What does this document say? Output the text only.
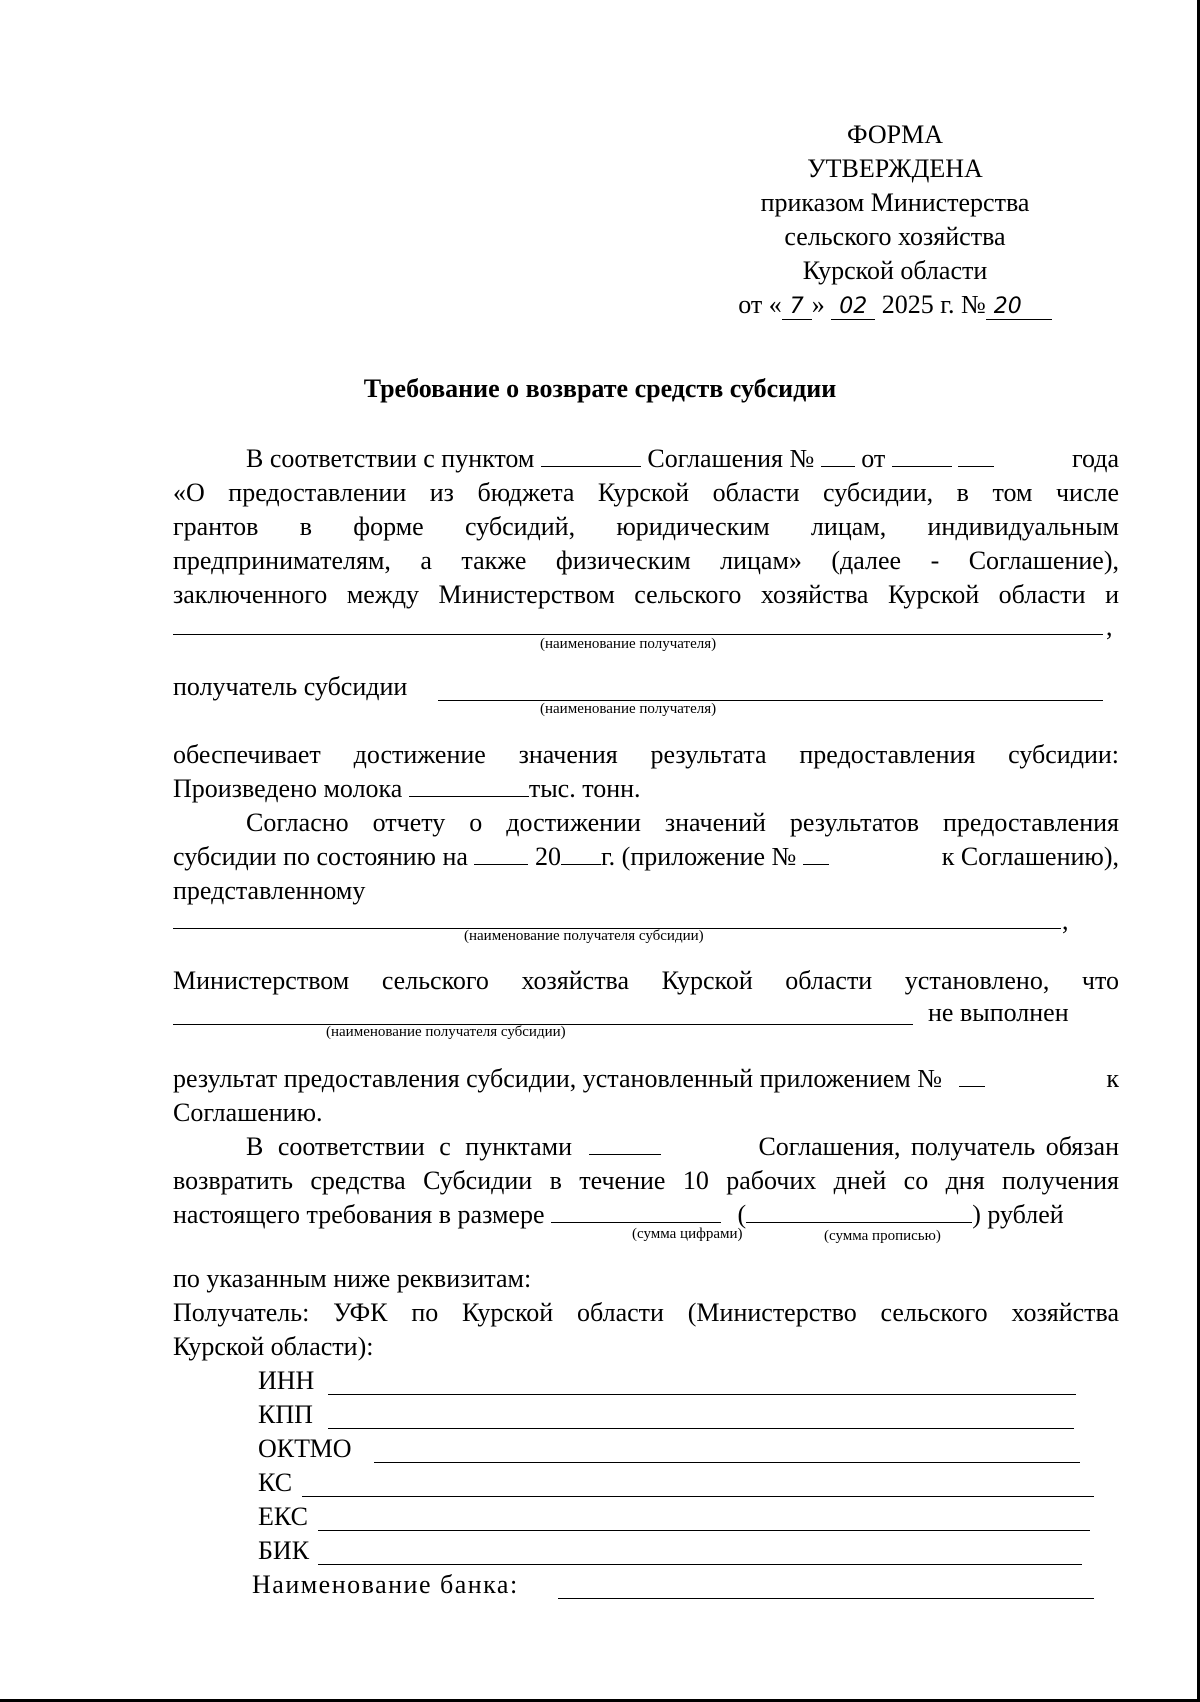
ФОРМА
УТВЕРЖДЕНА
приказом Министерства
сельского хозяйства
Курской области
от « 7 » 02 2025 г. № 20
Требование о возврате средств субсидии
В соответствии с пунктом	Соглашения № от	года
«О предоставлении из бюджета Курской области субсидии, в том числе
грантов в форме субсидий, юридическим лицам, индивидуальным
предпринимателям, а также физическим лицам» (далее - Соглашение),
заключенного между Министерством сельского хозяйства Курской области и
,
(наименование получателя)
получатель субсидии
(наименование получателя)
обеспечивает достижение значения результата предоставления субсидии:
Произведено молока	тыс. тонн.
Согласно отчету о достижении значений результатов предоставления
субсидии по состоянию на	20 г. (приложение №	к Соглашению),
представленному
,
(наименование получателя субсидии)
Министерством сельского хозяйства Курской области установлено, что
не выполнен
(наименование получателя субсидии)
результат предоставления субсидии, установленный приложением №	к
Соглашению.
В соответствии с пунктами	Соглашения, получатель обязан
возвратить средства Субсидии в течение 10 рабочих дней со дня получения
настоящего требования в размере	(	) рублей
(сумма цифрами)	(сумма прописью)
по указанным ниже реквизитам:
Получатель: УФК по Курской области (Министерство сельского хозяйства
Курской области):
ИНН
КПП
ОКТМО
КС
ЕКС
БИК
Наименование банка:
